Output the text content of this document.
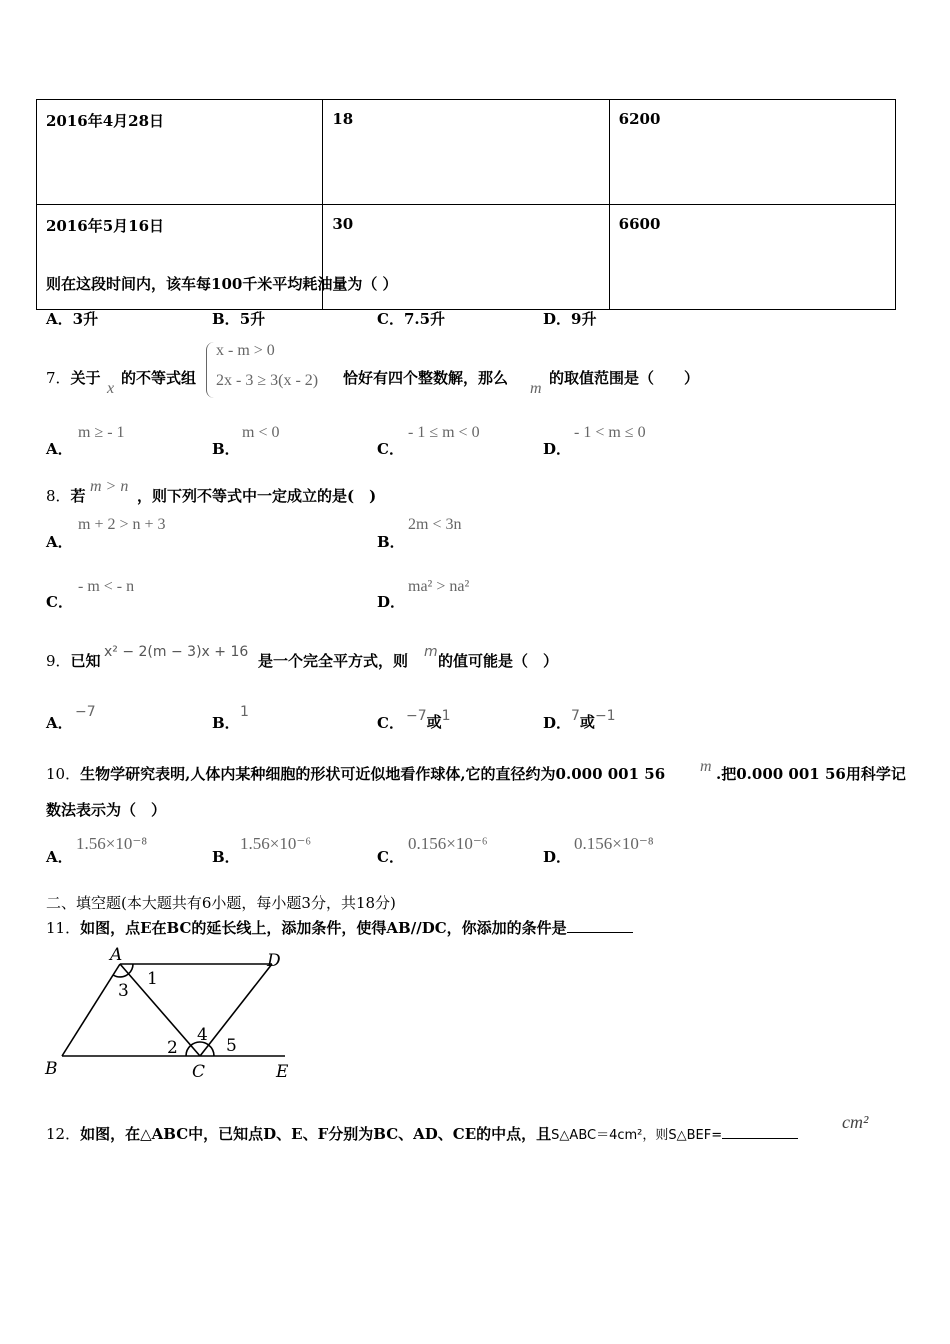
2016年4月28日	18	6200
2016年5月16日	30	6600
则在这段时间内，该车每100千米平均耗油量为（ ）
A．3升	B．5升	C．7.5升	D．9升
7．关于
x
的不等式组
x - m > 0
2x - 3 ≥ 3(x - 2) 恰好有四个整数解，那么
m
的取值范围是（　　）
A．
m ≥ - 1
B．
m < 0
C．
- 1 ≤ m < 0
D．
- 1 < m ≤ 0
8．若
m > n
，则下列不等式中一定成立的是(　)
A．
m + 2 > n + 3
B．
2m < 3n
C．
- m < - n
D．
ma² > na²
9．已知 x² − 2(m − 3)x + 16 是一个完全平方式，则 m 的值可能是（　）
A．
−7
B．
1
C． −7或1	D． 7或−1
10．生物学研究表明,人体内某种细胞的形状可近似地看作球体,它的直径约为0.000 001 56 m .把0.000 001 56用科学记
数法表示为（　）
A．
1.56×10⁻⁸
B．
1.56×10⁻⁶
C．
0.156×10⁻⁶
D．
0.156×10⁻⁸
二、填空题(本大题共有6小题，每小题3分，共18分)
11．如图，点E在BC的延长线上，添加条件，使得AB//DC，你添加的条件是
A	D
B	C	E
1
3
2
4
5
12．如图，在△ABC中，已知点D、E、F分别为BC、AD、CE的中点，且S△ABC＝4cm²，则S△BEF=
cm²
